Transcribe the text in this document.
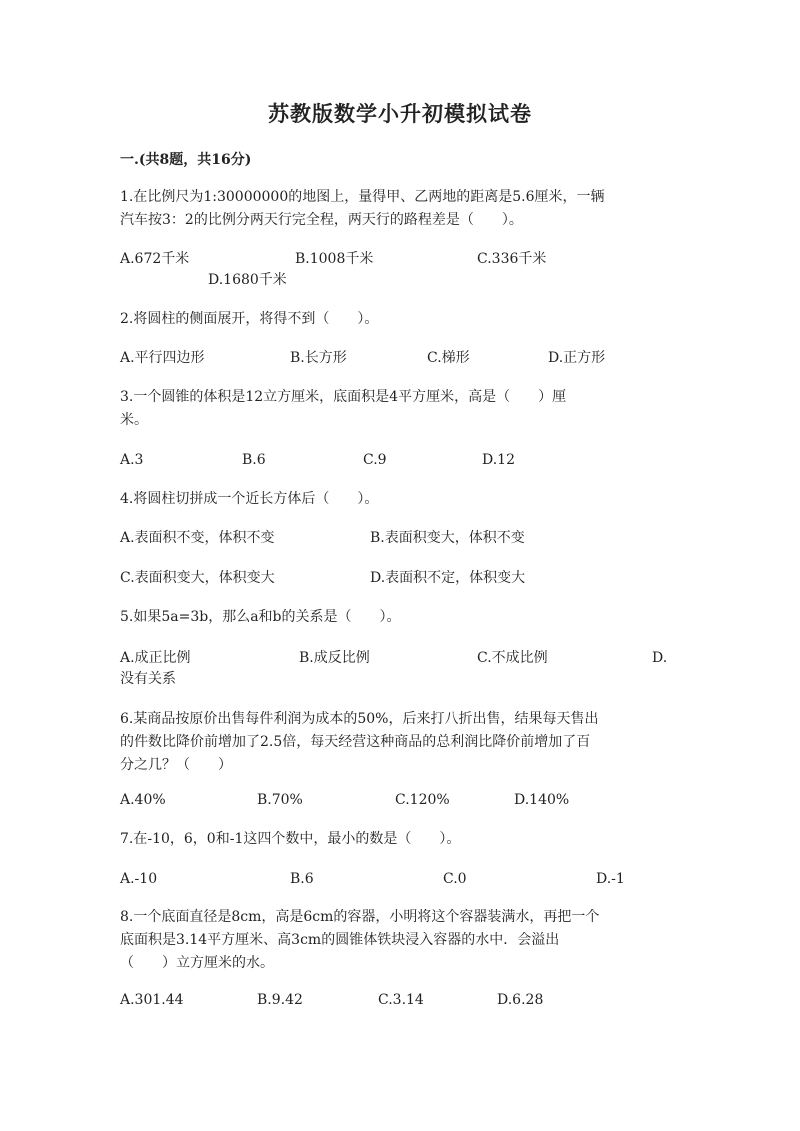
苏教版数学小升初模拟试卷
一.(共8题，共16分)
1.在比例尺为1:30000000的地图上，量得甲、乙两地的距离是5.6厘米，一辆
汽车按3：2的比例分两天行完全程，两天行的路程差是（　　）。
A.672千米	B.1008千米	C.336千米
D.1680千米
2.将圆柱的侧面展开，将得不到（　　）。
A.平行四边形	B.长方形	C.梯形	D.正方形
3.一个圆锥的体积是12立方厘米，底面积是4平方厘米，高是（　　）厘
米。
A.3	B.6	C.9	D.12
4.将圆柱切拼成一个近长方体后（　　）。
A.表面积不变，体积不变	B.表面积变大，体积不变
C.表面积变大，体积变大	D.表面积不定，体积变大
5.如果5a=3b，那么a和b的关系是（　　）。
A.成正比例	B.成反比例	C.不成比例	D.
没有关系
6.某商品按原价出售每件利润为成本的50%，后来打八折出售，结果每天售出
的件数比降价前增加了2.5倍，每天经营这种商品的总利润比降价前增加了百
分之几？（　　）
A.40%	B.70%	C.120%	D.140%
7.在-10，6，0和-1这四个数中，最小的数是（　　）。
A.-10	B.6	C.0	D.-1
8.一个底面直径是8cm，高是6cm的容器，小明将这个容器装满水，再把一个
底面积是3.14平方厘米、高3cm的圆锥体铁块浸入容器的水中．会溢出
（　　）立方厘米的水。
A.301.44	B.9.42	C.3.14	D.6.28
